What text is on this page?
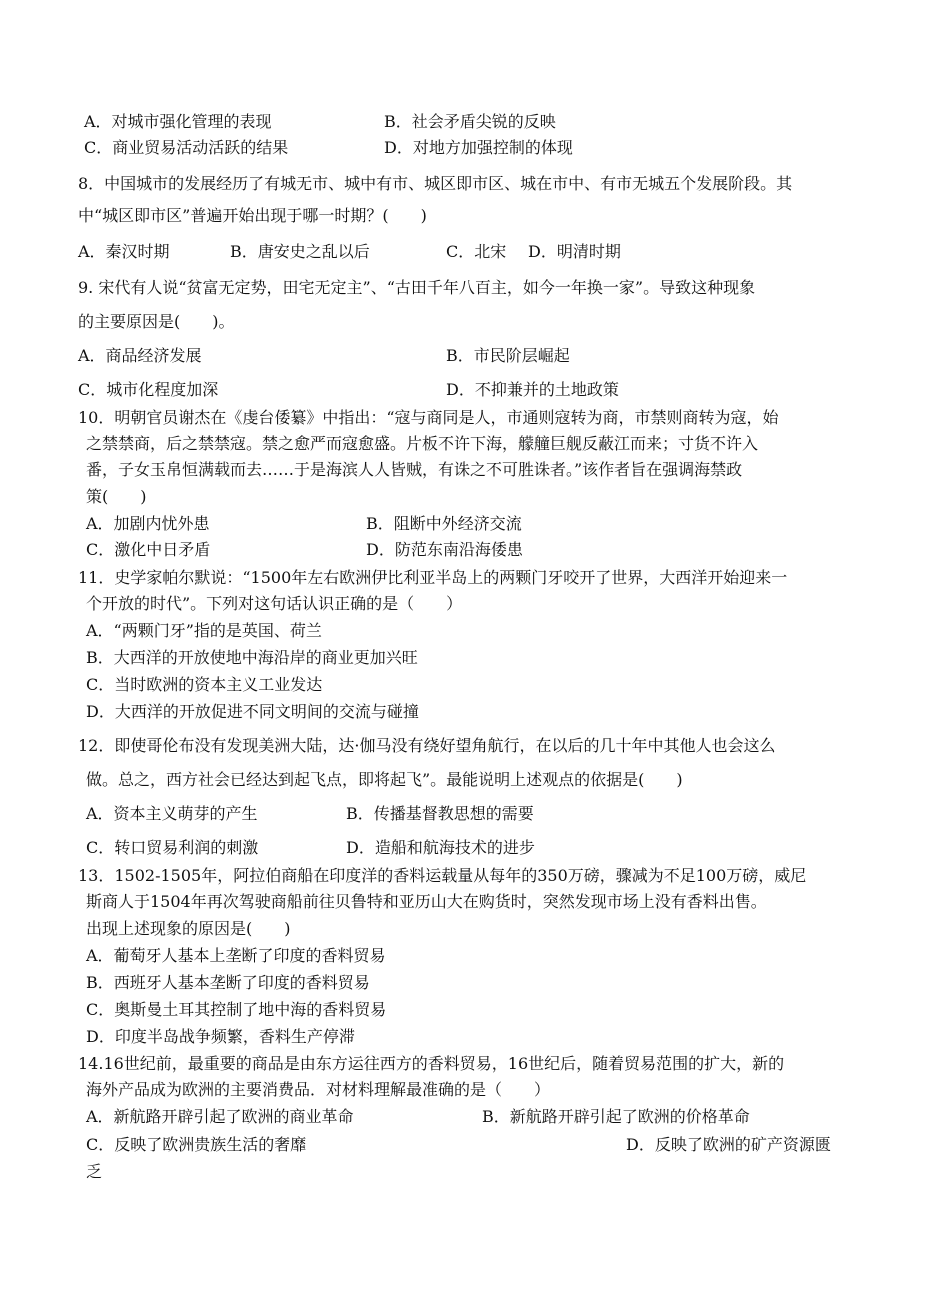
A．对城市强化管理的表现	B．社会矛盾尖锐的反映
C．商业贸易活动活跃的结果	D．对地方加强控制的体现
8．中国城市的发展经历了有城无市、城中有市、城区即市区、城在市中、有市无城五个发展阶段。其
中“城区即市区”普遍开始出现于哪一时期？(　　)
A．秦汉时期	B．唐安史之乱以后	C．北宋 D．明清时期
9. 宋代有人说“贫富无定势，田宅无定主”、“古田千年八百主，如今一年换一家”。导致这种现象
的主要原因是(　　)。
A．商品经济发展	B．市民阶层崛起
C．城市化程度加深	D．不抑兼并的土地政策
10．明朝官员谢杰在《虔台倭纂》中指出：“寇与商同是人，市通则寇转为商，市禁则商转为寇，始
之禁禁商，后之禁禁寇。禁之愈严而寇愈盛。片板不许下海，艨艟巨舰反蔽江而来；寸货不许入
番，子女玉帛恒满载而去……于是海滨人人皆贼，有诛之不可胜诛者。”该作者旨在强调海禁政
策(　　)
A．加剧内忧外患	B．阻断中外经济交流
C．激化中日矛盾	D．防范东南沿海倭患
11．史学家帕尔默说：“1500年左右欧洲伊比利亚半岛上的两颗门牙咬开了世界，大西洋开始迎来一
个开放的时代”。下列对这句话认识正确的是（　　）
A．“两颗门牙”指的是英国、荷兰
B．大西洋的开放使地中海沿岸的商业更加兴旺
C．当时欧洲的资本主义工业发达
D．大西洋的开放促进不同文明间的交流与碰撞
12．即使哥伦布没有发现美洲大陆，达·伽马没有绕好望角航行，在以后的几十年中其他人也会这么
做。总之，西方社会已经达到起飞点，即将起飞”。最能说明上述观点的依据是(　　)
A．资本主义萌芽的产生	B．传播基督教思想的需要
C．转口贸易利润的刺激	D．造船和航海技术的进步
13．1502-1505年，阿拉伯商船在印度洋的香料运载量从每年的350万磅，骤减为不足100万磅，威尼
斯商人于1504年再次驾驶商船前往贝鲁特和亚历山大在购货时，突然发现市场上没有香料出售。
出现上述现象的原因是(　　)
A．葡萄牙人基本上垄断了印度的香料贸易
B．西班牙人基本垄断了印度的香料贸易
C．奥斯曼土耳其控制了地中海的香料贸易
D．印度半岛战争频繁，香料生产停滞
14.16世纪前，最重要的商品是由东方运往西方的香料贸易，16世纪后，随着贸易范围的扩大，新的
海外产品成为欧洲的主要消费品．对材料理解最准确的是（　　）
A．新航路开辟引起了欧洲的商业革命	B．新航路开辟引起了欧洲的价格革命
C．反映了欧洲贵族生活的奢靡	D．反映了欧洲的矿产资源匮
乏
